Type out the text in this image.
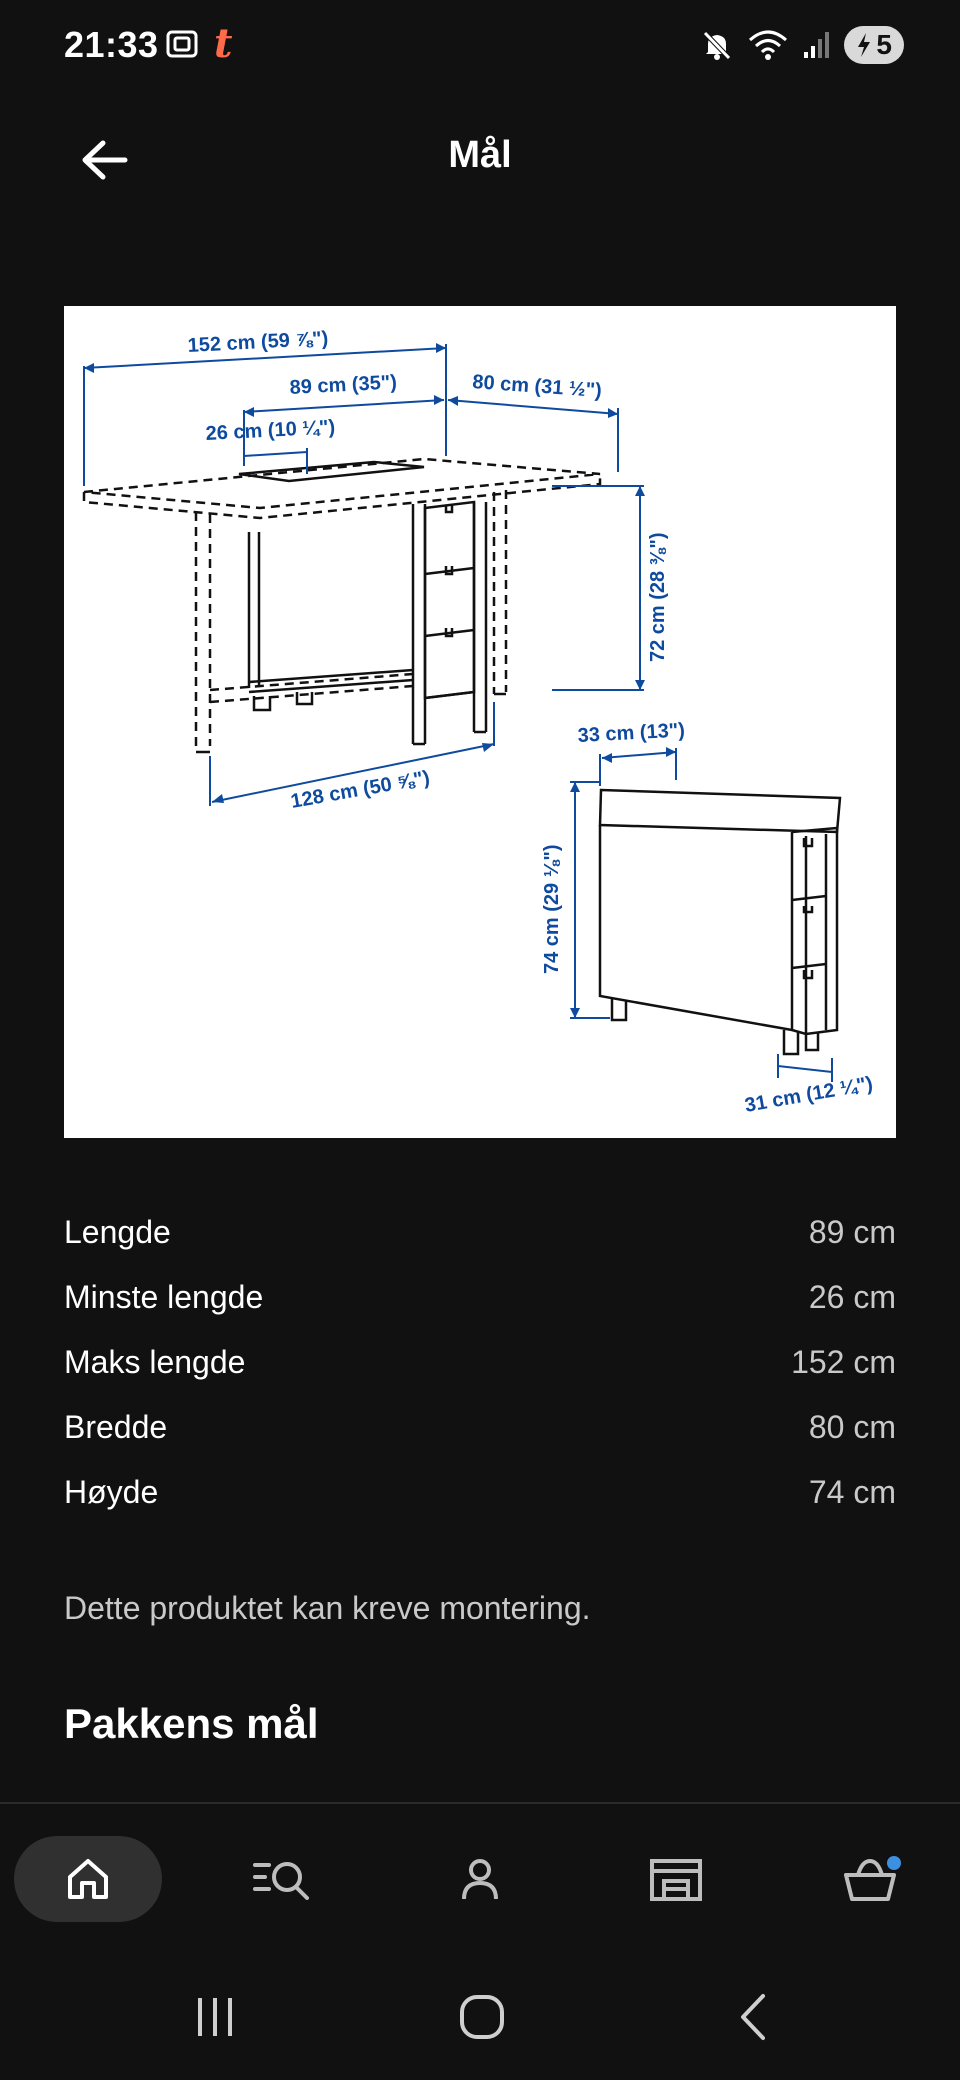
21:33 t	5
Mål
152 cm (59 ⅞")
89 cm (35")	80 cm (31 ½")
26 cm (10 ¼")
72 cm (28 ⅜")
128 cm (50 ⅝")
33 cm (13")
74 cm (29 ⅛")
31 cm (12 ¼")
Lengde	89 cm
Minste lengde	26 cm
Maks lengde	152 cm
Bredde	80 cm
Høyde	74 cm
Dette produktet kan kreve montering.
Pakkens mål
